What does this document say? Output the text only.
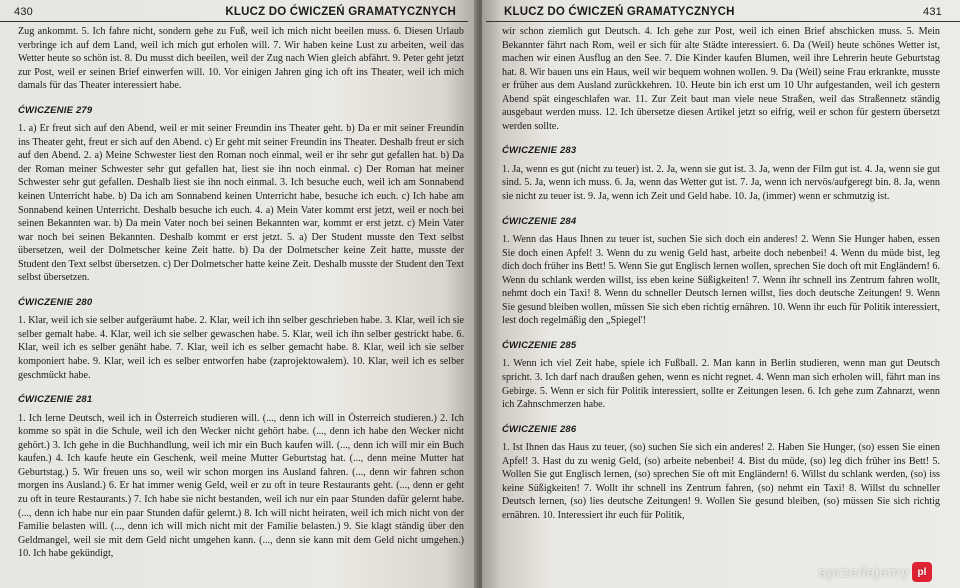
430	KLUCZ DO ĆWICZEŃ GRAMATYCZNYCH

Zug ankommt. 5. Ich fahre nicht, sondern gehe zu Fuß, weil ich mich nicht beeilen muss. 6. Diesen Urlaub verbringe ich auf dem Land, weil ich mich gut erholen will. 7. Wir haben keine Lust zu arbeiten, weil das Wetter heute so schön ist. 8. Du musst dich beeilen, weil der Zug nach Wien gleich abfährt. 9. Peter geht jetzt zur Post, weil er seinen Brief einwerfen will. 10. Vor einigen Jahren ging ich oft ins Theater, weil ich mich damals für das Theater interessiert habe.

ĆWICZENIE 279

1. a) Er freut sich auf den Abend, weil er mit seiner Freundin ins Theater geht. b) Da er mit seiner Freundin ins Theater geht, freut er sich auf den Abend. c) Er geht mit seiner Freundin ins Theater. Deshalb freut er sich auf den Abend. 2. a) Meine Schwester liest den Roman noch einmal, weil er ihr sehr gut gefallen hat. b) Da der Roman meiner Schwester sehr gut gefallen hat, liest sie ihn noch einmal. c) Der Roman hat meiner Schwester sehr gut gefallen. Deshalb liest sie ihn noch einmal. 3. Ich besuche euch, weil ich am Sonnabend keinen Unterricht habe. b) Da ich am Sonnabend keinen Unterricht habe, besuche ich euch. c) Ich habe am Sonnabend keinen Unterricht. Deshalb besuche ich euch. 4. a) Mein Vater kommt erst jetzt, weil er noch bei seinen Bekannten war. b) Da mein Vater noch bei seinen Bekannten war, kommt er erst jetzt. c) Mein Vater war noch bei seinen Bekannten. Deshalb kommt er erst jetzt. 5. a) Der Student musste den Text selbst übersetzen, weil der Dolmetscher keine Zeit hatte. b) Da der Dolmetscher keine Zeit hatte, musste der Student den Text selbst übersetzen. c) Der Dolmetscher hatte keine Zeit. Deshalb musste der Student den Text selbst übersetzen.

ĆWICZENIE 280

1. Klar, weil ich sie selber aufgeräumt habe. 2. Klar, weil ich ihn selber geschrieben habe. 3. Klar, weil ich sie selber gemalt habe. 4. Klar, weil ich sie selber gewaschen habe. 5. Klar, weil ich ihn selber gestrickt habe. 6. Klar, weil ich es selber genäht habe. 7. Klar, weil ich es selber gemacht habe. 8. Klar, weil ich sie selber komponiert habe. 9. Klar, weil ich es selber entworfen habe (zaprojektowałem). 10. Klar, weil ich es selber geschmückt habe.

ĆWICZENIE 281

1. Ich lerne Deutsch, weil ich in Österreich studieren will. (..., denn ich will in Österreich studieren.) 2. Ich komme so spät in die Schule, weil ich den Wecker nicht gehört habe. (..., denn ich habe den Wecker nicht gehört.) 3. Ich gehe in die Buchhandlung, weil ich mir ein Buch kaufen will. (..., denn ich will mir ein Buch kaufen.) 4. Ich kaufe heute ein Geschenk, weil meine Mutter Geburtstag hat. (..., denn meine Mutter hat Geburtstag.) 5. Wir freuen uns so, weil wir schon morgen ins Ausland fahren. (..., denn wir fahren schon morgen ins Ausland.) 6. Er hat immer wenig Geld, weil er zu oft in teure Restaurants geht. (..., denn er geht zu oft in teure Restaurants.) 7. Ich habe sie nicht bestanden, weil ich nur ein paar Stunden dafür gelernt habe. (..., denn ich habe nur ein paar Stunden dafür gelernt.) 8. Ich will nicht heiraten, weil ich mich nicht von der Familie belasten will. (..., denn ich will mich nicht mit der Familie belasten.) 9. Sie klagt ständig über den Geldmangel, weil sie mit dem Geld nicht umgehen kann. (..., denn sie kann mit dem Geld nicht umgehen.) 10. Ich habe gekündigt,

KLUCZ DO ĆWICZEŃ GRAMATYCZNYCH	431

wir schon ziemlich gut Deutsch. 4. Ich gehe zur Post, weil ich einen Brief abschicken muss. 5. Mein Bekannter fährt nach Rom, weil er sich für alte Städte interessiert. 6. Da (Weil) heute schönes Wetter ist, machen wir einen Ausflug an den See. 7. Die Kinder kaufen Blumen, weil ihre Lehrerin heute Geburtstag hat. 8. Wir bauen uns ein Haus, weil wir bequem wohnen wollen. 9. Da (Weil) seine Frau erkrankte, musste er früher aus dem Ausland zurückkehren. 10. Heute bin ich erst um 10 Uhr aufgestanden, weil ich gestern Abend spät eingeschlafen war. 11. Zur Zeit baut man viele neue Straßen, weil das Straßennetz ständig ausgebaut werden muss. 12. Ich übersetze diesen Artikel jetzt so eifrig, weil er schon für gestern übersetzt werden sollte.

ĆWICZENIE 283

1. Ja, wenn es gut (nicht zu teuer) ist. 2. Ja, wenn sie gut ist. 3. Ja, wenn der Film gut ist. 4. Ja, wenn sie gut sind. 5. Ja, wenn ich muss. 6. Ja, wenn das Wetter gut ist. 7. Ja, wenn ich nervös/aufgeregt bin. 8. Ja, wenn sie nicht zu teuer ist. 9. Ja, wenn ich Zeit und Geld habe. 10. Ja, (immer) wenn er schmutzig ist.

ĆWICZENIE 284

1. Wenn das Haus Ihnen zu teuer ist, suchen Sie sich doch ein anderes! 2. Wenn Sie Hunger haben, essen Sie doch einen Apfel! 3. Wenn du zu wenig Geld hast, arbeite doch nebenbei! 4. Wenn du müde bist, leg dich doch früher ins Bett! 5. Wenn Sie gut Englisch lernen wollen, sprechen Sie doch oft mit Engländern! 6. Wenn du schlank werden willst, iss eben keine Süßigkeiten! 7. Wenn ihr schnell ins Zentrum fahren wollt, nehmt doch ein Taxi! 8. Wenn du schneller Deutsch lernen willst, lies doch deutsche Zeitungen! 9. Wenn Sie gesund bleiben wollen, müssen Sie sich eben richtig ernähren. 10. Wenn ihr euch für Politik interessiert, lest doch regelmäßig den „Spiegel'!

ĆWICZENIE 285

1. Wenn ich viel Zeit habe, spiele ich Fußball. 2. Man kann in Berlin studieren, wenn man gut Deutsch spricht. 3. Ich darf nach draußen gehen, wenn es nicht regnet. 4. Wenn man sich erholen will, fährt man ins Gebirge. 5. Wenn er sich für Politik interessiert, sollte er Zeitungen lesen. 6. Ich gehe zum Zahnarzt, wenn ich Zahnschmerzen habe.

ĆWICZENIE 286

1. Ist Ihnen das Haus zu teuer, (so) suchen Sie sich ein anderes! 2. Haben Sie Hunger, (so) essen Sie einen Apfel! 3. Hast du zu wenig Geld, (so) arbeite nebenbei! 4. Bist du müde, (so) leg dich früher ins Bett! 5. Wollen Sie gut Englisch lernen, (so) sprechen Sie oft mit Engländern! 6. Willst du schlank werden, (so) iss keine Süßigkeiten! 7. Wollt ihr schnell ins Zentrum fahren, (so) nehmt ein Taxi! 8. Willst du schneller Deutsch lernen, (so) lies deutsche Zeitungen! 9. Wollen Sie gesund bleiben, (so) müssen Sie sich richtig ernähren. 10. Interessiert ihr euch für Politik,

sprzedajemy pl
